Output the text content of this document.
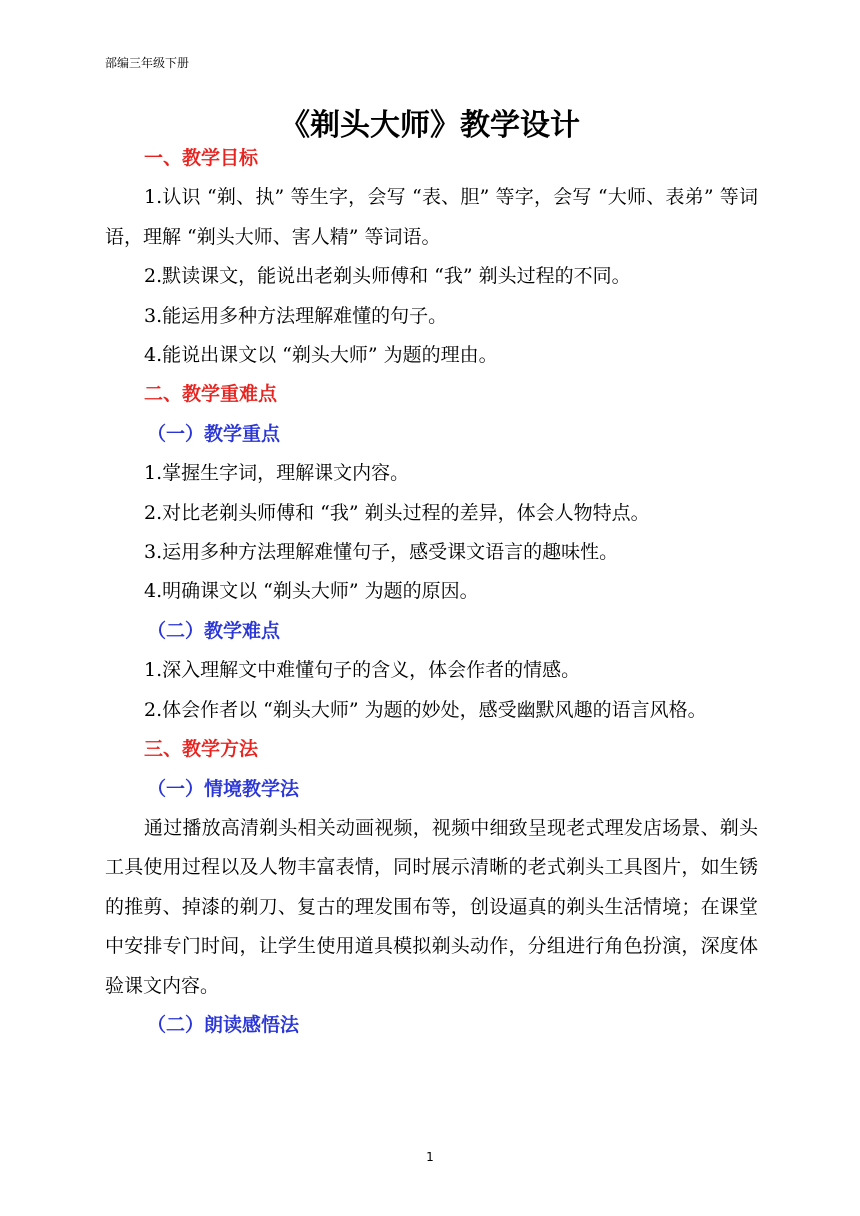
部编三年级下册
《剃头大师》教学设计

一、教学目标

1.认识 “剃、执” 等生字，会写 “表、胆” 等字，会写 “大师、表弟” 等词语，理解 “剃头大师、害人精” 等词语。

2.默读课文，能说出老剃头师傅和 “我” 剃头过程的不同。

3.能运用多种方法理解难懂的句子。

4.能说出课文以 “剃头大师” 为题的理由。

二、教学重难点

（一）教学重点

1.掌握生字词，理解课文内容。

2.对比老剃头师傅和 “我” 剃头过程的差异，体会人物特点。

3.运用多种方法理解难懂句子，感受课文语言的趣味性。

4.明确课文以 “剃头大师” 为题的原因。

（二）教学难点

1.深入理解文中难懂句子的含义，体会作者的情感。

2.体会作者以 “剃头大师” 为题的妙处，感受幽默风趣的语言风格。

三、教学方法

（一）情境教学法

通过播放高清剃头相关动画视频，视频中细致呈现老式理发店场景、剃头工具使用过程以及人物丰富表情，同时展示清晰的老式剃头工具图片，如生锈的推剪、掉漆的剃刀、复古的理发围布等，创设逼真的剃头生活情境；在课堂中安排专门时间，让学生使用道具模拟剃头动作，分组进行角色扮演，深度体验课文内容。

（二）朗读感悟法

1
